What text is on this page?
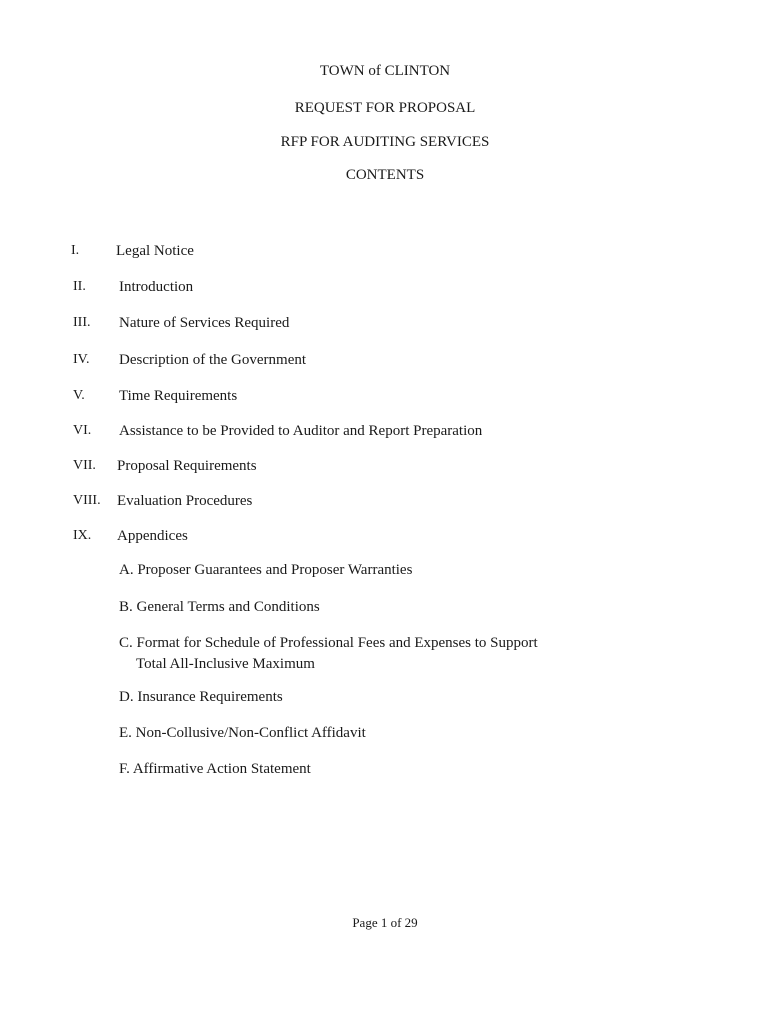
TOWN of CLINTON
REQUEST FOR PROPOSAL
RFP FOR AUDITING SERVICES
CONTENTS
I. Legal Notice
II. Introduction
III. Nature of Services Required
IV. Description of the Government
V. Time Requirements
VI. Assistance to be Provided to Auditor and Report Preparation
VII. Proposal Requirements
VIII. Evaluation Procedures
IX. Appendices
A. Proposer Guarantees and Proposer Warranties
B. General Terms and Conditions
C. Format for Schedule of Professional Fees and Expenses to Support
Total All-Inclusive Maximum
D. Insurance Requirements
E. Non-Collusive/Non-Conflict Affidavit
F. Affirmative Action Statement
Page 1 of 29
